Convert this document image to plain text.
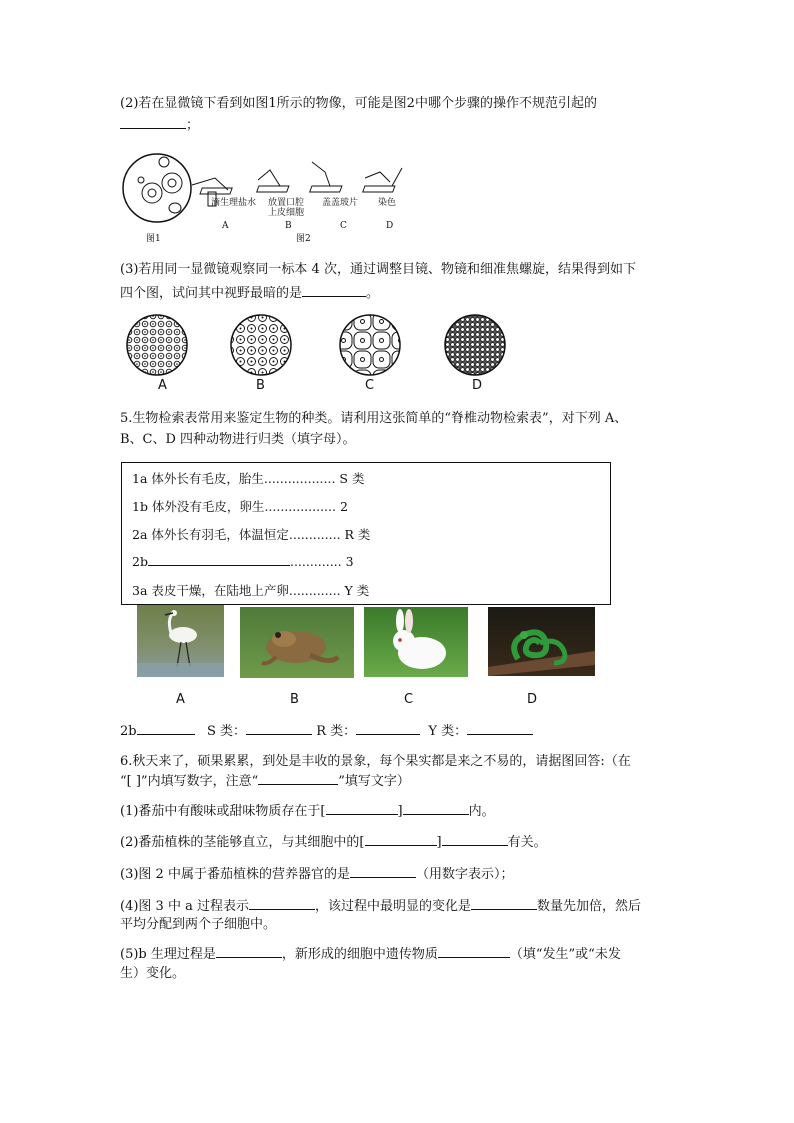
(2)若在显微镜下看到如图1所示的物像，可能是图2中哪个步骤的操作不规范引起的
；
图1	图2
滴生理盐水 放置口腔
上皮细胞
盖盖玻片 染色
A	B	C	D
(3)若用同一显微镜观察同一标本 4 次，通过调整目镜、物镜和细准焦螺旋，结果得到如下
四个图，试问其中视野最暗的是	。
A	B	C	D
5.生物检索表常用来鉴定生物的种类。请利用这张简单的“脊椎动物检索表”，对下列 A、
B、C、D 四种动物进行归类（填字母）。
1a 体外长有毛皮，胎生.................. S 类
1b 体外没有毛皮，卵生.................. 2
2a 体外长有羽毛，体温恒定............. R 类
2b	............. 3
3a 表皮干燥，在陆地上产卵............. Y 类
A	B	C	D
2b	S 类：	R 类：	Y 类：
6.秋天来了，硕果累累，到处是丰收的景象，每个果实都是来之不易的，请据图回答:（在
“[ ]”内填写数字，注意“	”填写文字）
(1)番茄中有酸味或甜味物质存在于[	]	内。
(2)番茄植株的茎能够直立，与其细胞中的[	]	有关。
(3)图 2 中属于番茄植株的营养器官的是	（用数字表示）；
(4)图 3 中 a 过程表示	，该过程中最明显的变化是	数量先加倍，然后
平均分配到两个子细胞中。
(5)b 生理过程是	，新形成的细胞中遗传物质	（填“发生”或“未发
生）变化。
